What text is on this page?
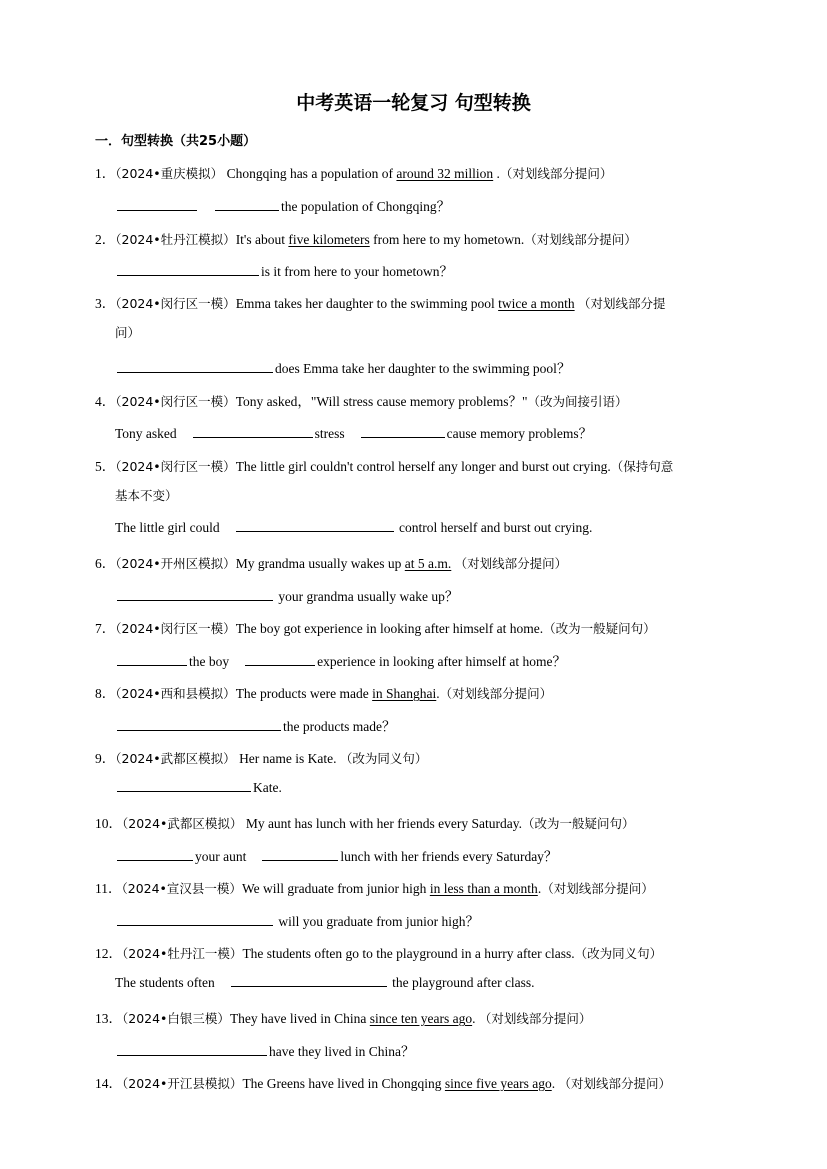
中考英语一轮复习 句型转换
一．句型转换（共25小题）
1．（2024•重庆模拟） Chongqing has a population of around 32 million .（对划线部分提问）
the population of Chongqing？
2．（2024•牡丹江模拟）It's about five kilometers from here to my hometown.（对划线部分提问）
is it from here to your hometown？
3．（2024•闵行区一模）Emma takes her daughter to the swimming pool twice a month （对划线部分提
问）
does Emma take her daughter to the swimming pool？
4．（2024•闵行区一模）Tony asked，"Will stress cause memory problems？"（改为间接引语）
Tony asked	stress	cause memory problems？
5．（2024•闵行区一模）The little girl couldn't control herself any longer and burst out crying.（保持句意
基本不变）
The little girl could	control herself and burst out crying.
6．（2024•开州区模拟）My grandma usually wakes up at 5 a.m. （对划线部分提问）
your grandma usually wake up？
7．（2024•闵行区一模）The boy got experience in looking after himself at home.（改为一般疑问句）
the boy	experience in looking after himself at home？
8．（2024•西和县模拟）The products were made in Shanghai.（对划线部分提问）
the products made？
9．（2024•武都区模拟） Her name is Kate. （改为同义句）
Kate.
10．（2024•武都区模拟） My aunt has lunch with her friends every Saturday.（改为一般疑问句）
your aunt	lunch with her friends every Saturday？
11．（2024•宣汉县一模）We will graduate from junior high in less than a month.（对划线部分提问）
will you graduate from junior high？
12．（2024•牡丹江一模）The students often go to the playground in a hurry after class.（改为同义句）
The students often	the playground after class.
13．（2024•白银三模）They have lived in China since ten years ago. （对划线部分提问）
have they lived in China？
14．（2024•开江县模拟）The Greens have lived in Chongqing since five years ago. （对划线部分提问）
